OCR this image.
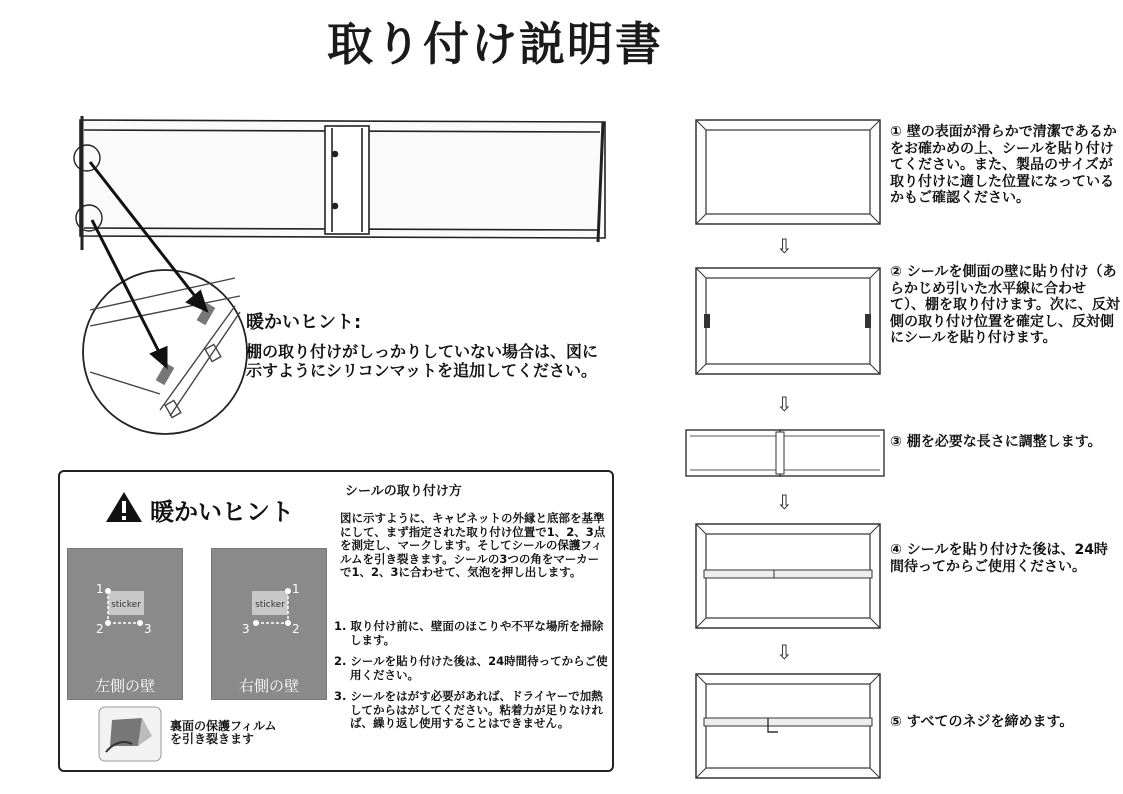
取り付け説明書
暖かいヒント:
棚の取り付けがしっかりしていない場合は、図に示すようにシリコンマットを追加してください。
暖かいヒント
シールの取り付け方
図に示すように、キャビネットの外縁と底部を基準にして、まず指定された取り付け位置で1、2、3点を測定し、マークします。そしてシールの保護フィルムを引き裂きます。シールの3つの角をマーカーで1、2、3に合わせて、気泡を押し出します。
1. 取り付け前に、壁面のほこりや不平な場所を掃除します。
2. シールを貼り付けた後は、24時間待ってからご使用ください。
3. シールをはがす必要があれば、ドライヤーで加熱してからはがしてください。粘着力が足りなければ、繰り返し使用することはできません。
sticker
1
2	3
左側の壁
sticker
1
2
3
右側の壁
裏面の保護フィルム
を引き裂きます
⇩
⇩
⇩
⇩
① 壁の表面が滑らかで清潔であるかをお確かめの上、シールを貼り付けてください。また、製品のサイズが取り付けに適した位置になっているかもご確認ください。
② シールを側面の壁に貼り付け（あらかじめ引いた水平線に合わせて）、棚を取り付けます。次に、反対側の取り付け位置を確定し、反対側にシールを貼り付けます。
③ 棚を必要な長さに調整します。
④ シールを貼り付けた後は、24時間待ってからご使用ください。
⑤ すべてのネジを締めます。
